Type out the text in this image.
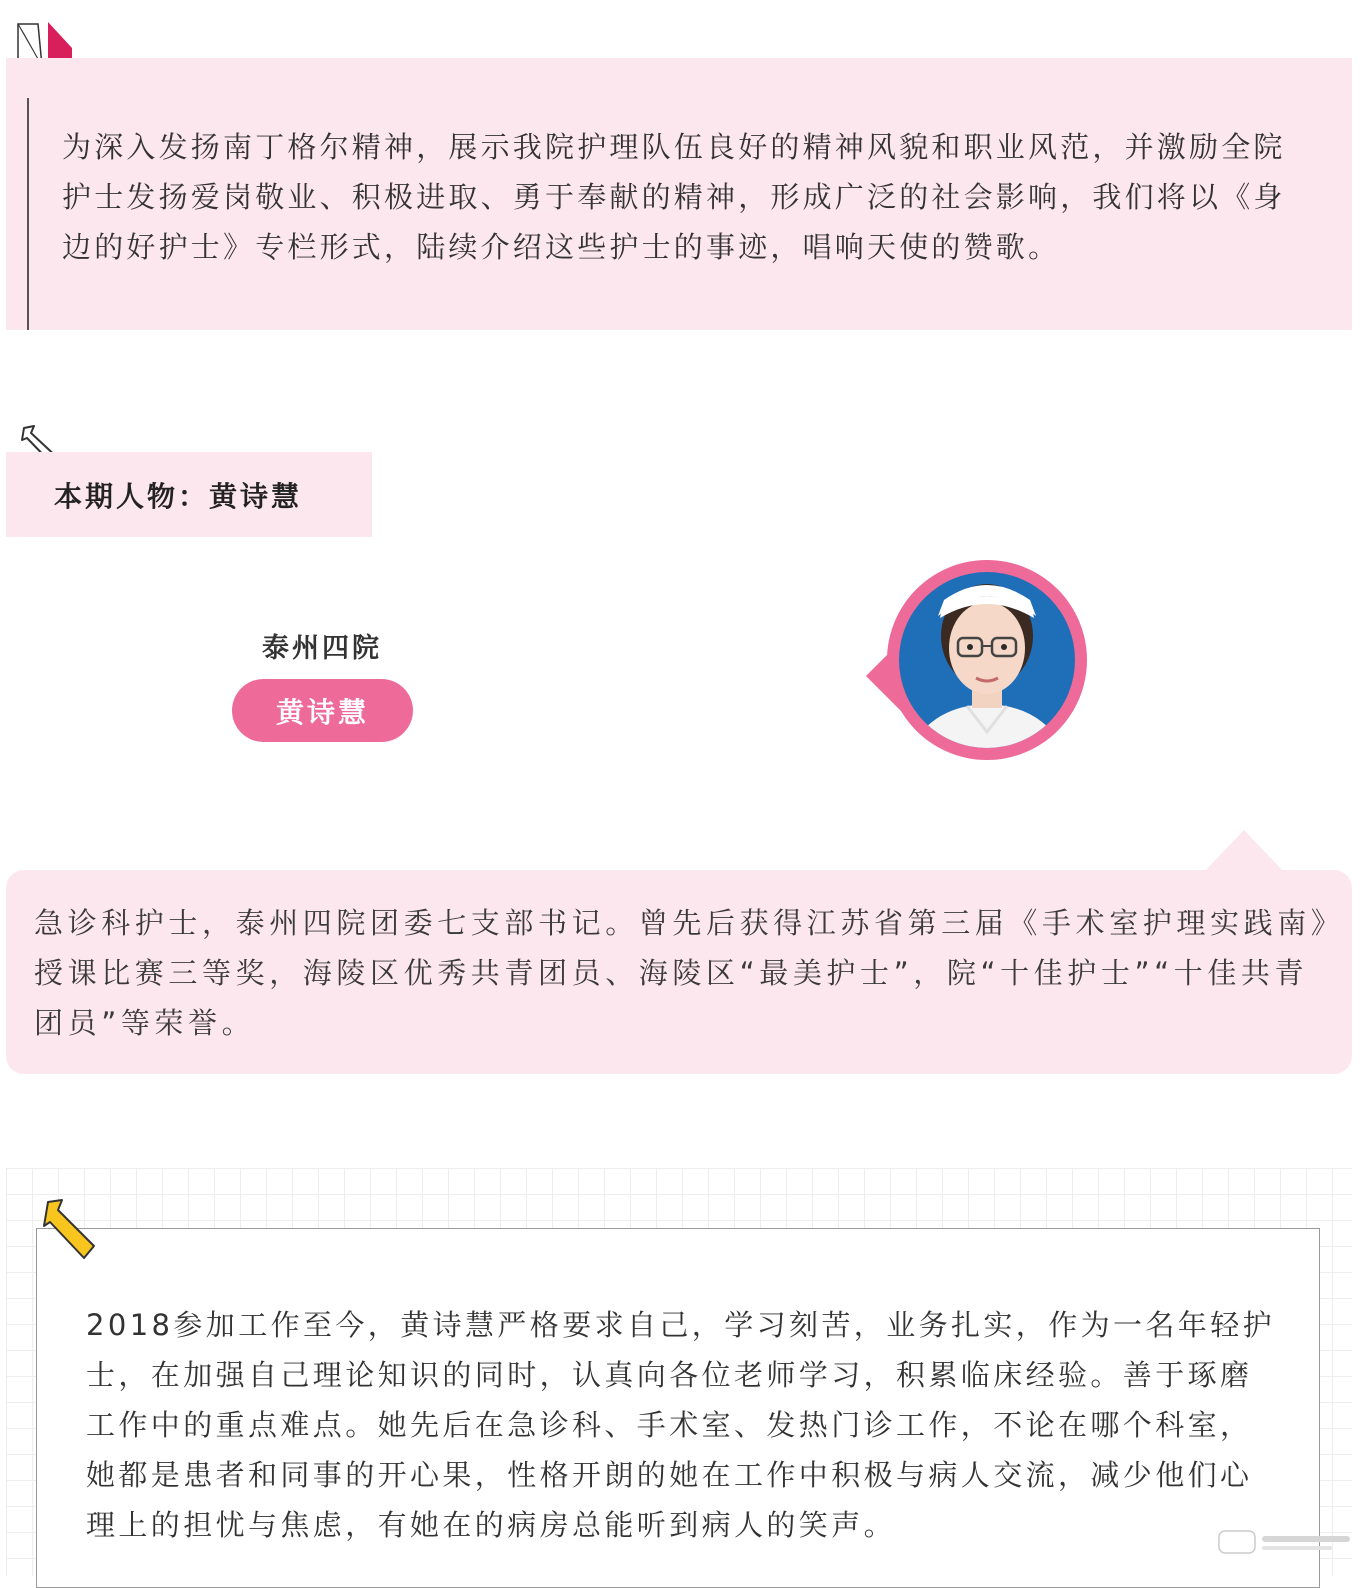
为深入发扬南丁格尔精神，展示我院护理队伍良好的精神风貌和职业风范，并激励全院护士发扬爱岗敬业、积极进取、勇于奉献的精神，形成广泛的社会影响，我们将以《身边的好护士》专栏形式，陆续介绍这些护士的事迹，唱响天使的赞歌。

本期人物：黄诗慧
泰州四院
黄诗慧

急诊科护士，泰州四院团委七支部书记。曾先后获得江苏省第三届《手术室护理实践南》授课比赛三等奖，海陵区优秀共青团员、海陵区“最美护士”，院“十佳护士”“十佳共青团员”等荣誉。

2018参加工作至今，黄诗慧严格要求自己，学习刻苦，业务扎实，作为一名年轻护士，在加强自己理论知识的同时，认真向各位老师学习，积累临床经验。善于琢磨工作中的重点难点。她先后在急诊科、手术室、发热门诊工作，不论在哪个科室，她都是患者和同事的开心果，性格开朗的她在工作中积极与病人交流，减少他们心理上的担忧与焦虑，有她在的病房总能听到病人的笑声。
